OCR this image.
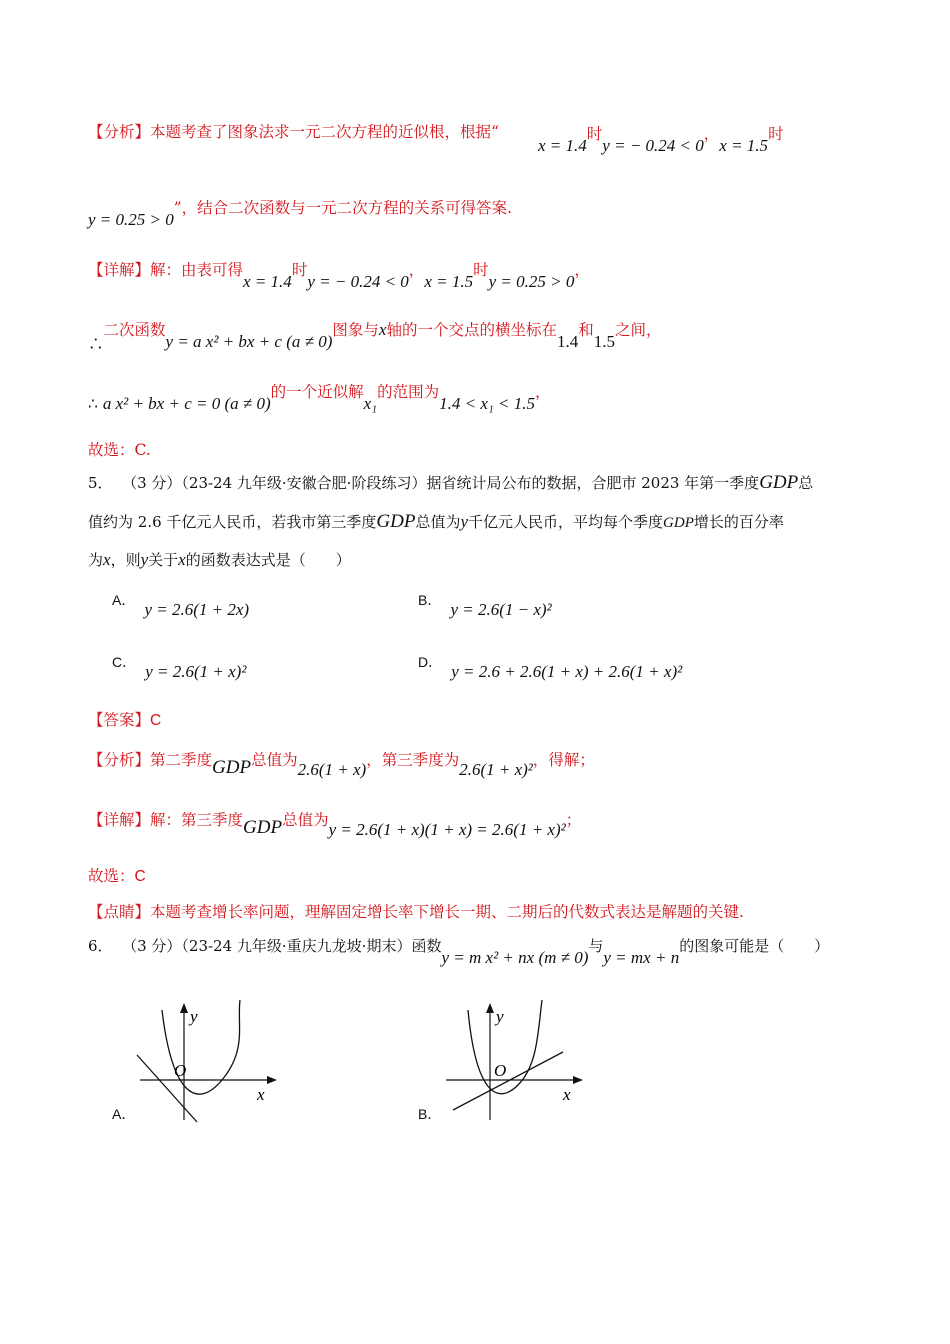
【分析】本题考查了图象法求一元二次方程的近似根，根据“
x = 1.4时y = − 0.24 < 0，x = 1.5时
y = 0.25 > 0”，结合二次函数与一元二次方程的关系可得答案.
【详解】解：由表可得x = 1.4时y = − 0.24 < 0，x = 1.5时y = 0.25 > 0，
∴二次函数y = a x² + bx + c (a ≠ 0)图象与x轴的一个交点的横坐标在1.4和1.5之间，
∴ a x² + bx + c = 0 (a ≠ 0)的一个近似解x₁的范围为1.4 < x₁ < 1.5，
故选：C.
5． （3 分）（23-24 九年级·安徽合肥·阶段练习）据省统计局公布的数据，合肥市 2023 年第一季度GDP总
值约为 2.6 千亿元人民币，若我市第三季度GDP总值为y千亿元人民币，平均每个季度GDP增长的百分率
为x，则y关于x的函数表达式是（　　）
A． y = 2.6(1 + 2x)	B． y = 2.6(1 − x)²
C． y = 2.6(1 + x)²	D． y = 2.6 + 2.6(1 + x) + 2.6(1 + x)²
【答案】C
【分析】第二季度GDP总值为2.6(1 + x)，第三季度为2.6(1 + x)²，得解；
【详解】解：第三季度GDP总值为y = 2.6(1 + x)(1 + x) = 2.6(1 + x)²；
故选：C
【点睛】本题考查增长率问题，理解固定增长率下增长一期、二期后的代数式表达是解题的关键.
6． （3 分）（23-24 九年级·重庆九龙坡·期末）函数y = m x² + nx (m ≠ 0)与y = mx + n的图象可能是（　　）
y
x
O
A．
y
x
O
B．
